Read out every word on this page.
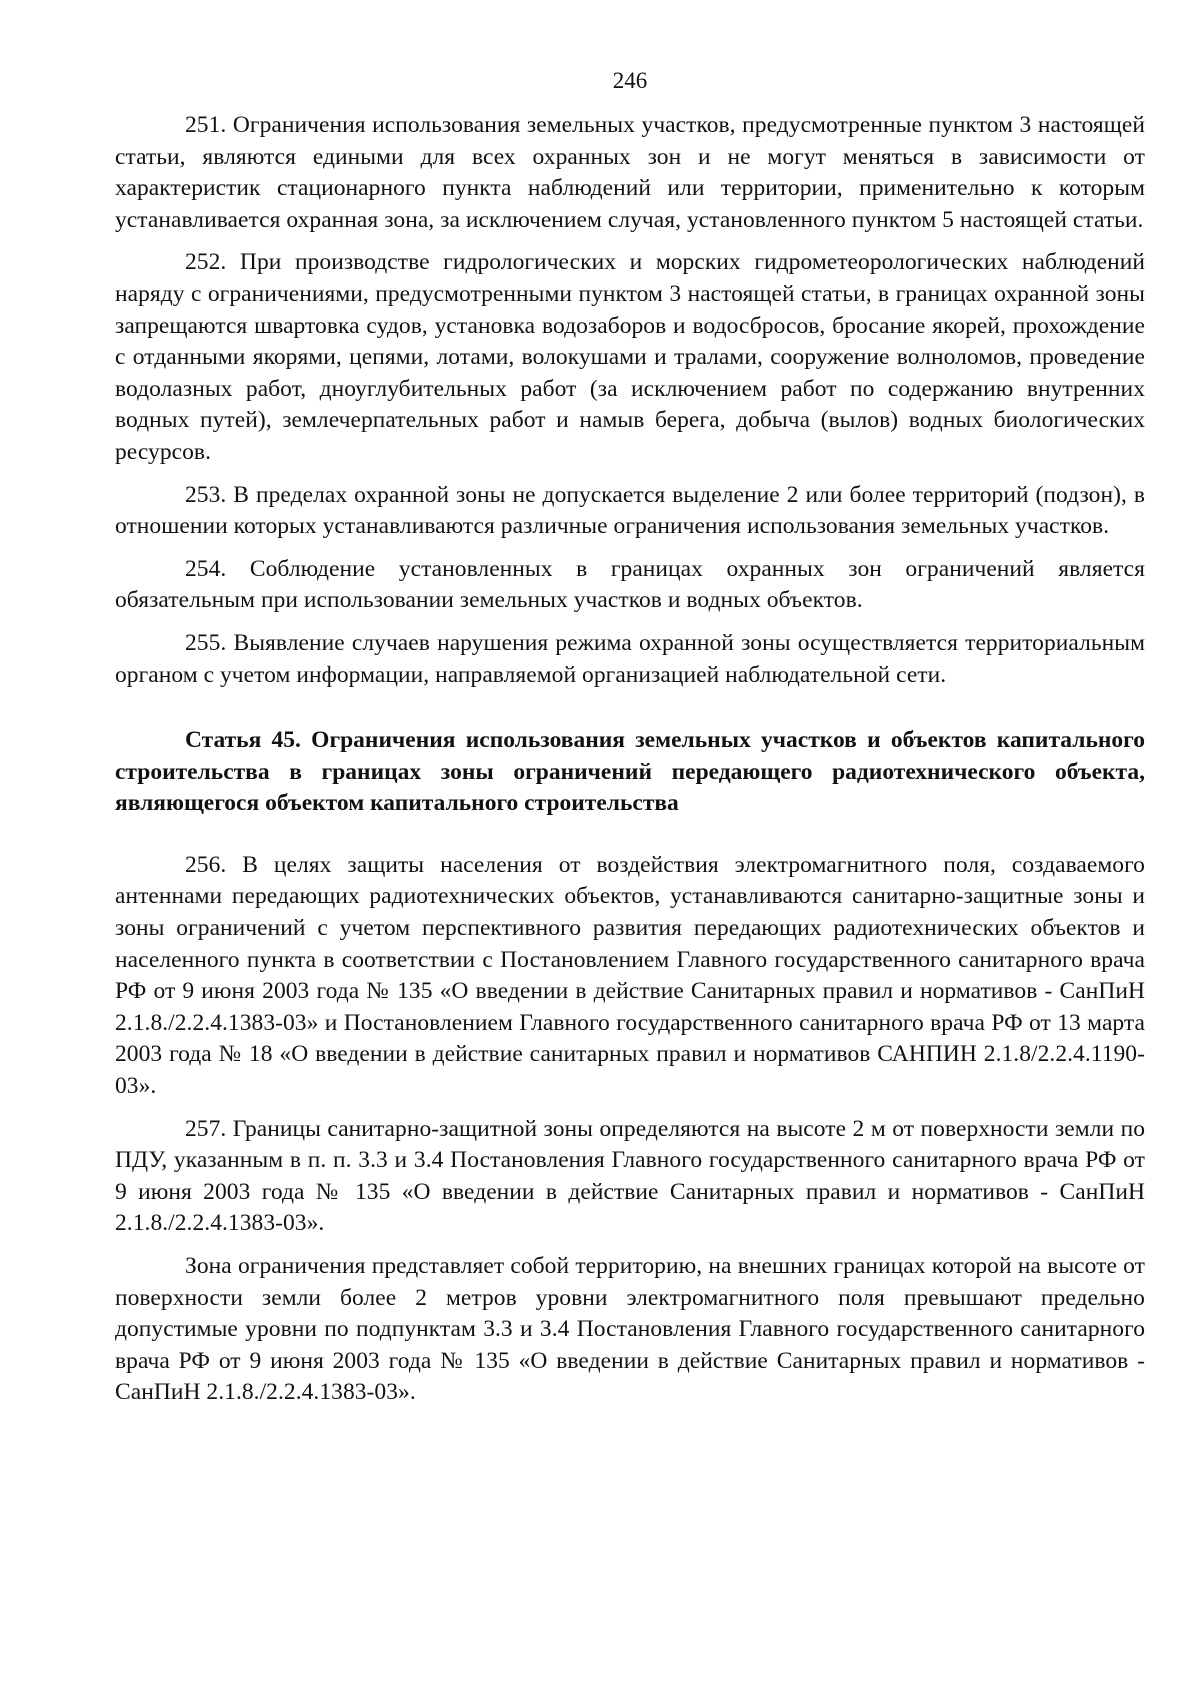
246

251. Ограничения использования земельных участков, предусмотренные пунктом 3 настоящей статьи, являются едиными для всех охранных зон и не могут меняться в зависимости от характеристик стационарного пункта наблюдений или территории, применительно к которым устанавливается охранная зона, за исключением случая, установленного пунктом 5 настоящей статьи.

252. При производстве гидрологических и морских гидрометеорологических наблюдений наряду с ограничениями, предусмотренными пунктом 3 настоящей статьи, в границах охранной зоны запрещаются швартовка судов, установка водозаборов и водосбросов, бросание якорей, прохождение с отданными якорями, цепями, лотами, волокушами и тралами, сооружение волноломов, проведение водолазных работ, дноуглубительных работ (за исключением работ по содержанию внутренних водных путей), землечерпательных работ и намыв берега, добыча (вылов) водных биологических ресурсов.

253. В пределах охранной зоны не допускается выделение 2 или более территорий (подзон), в отношении которых устанавливаются различные ограничения использования земельных участков.

254. Соблюдение установленных в границах охранных зон ограничений является обязательным при использовании земельных участков и водных объектов.

255. Выявление случаев нарушения режима охранной зоны осуществляется территориальным органом с учетом информации, направляемой организацией наблюдательной сети.

Статья 45. Ограничения использования земельных участков и объектов капитального строительства в границах зоны ограничений передающего радиотехнического объекта, являющегося объектом капитального строительства

256. В целях защиты населения от воздействия электромагнитного поля, создаваемого антеннами передающих радиотехнических объектов, устанавливаются санитарно-защитные зоны и зоны ограничений с учетом перспективного развития передающих радиотехнических объектов и населенного пункта в соответствии с Постановлением Главного государственного санитарного врача РФ от 9 июня 2003 года № 135 «О введении в действие Санитарных правил и нормативов - СанПиН 2.1.8./2.2.4.1383-03» и Постановлением Главного государственного санитарного врача РФ от 13 марта 2003 года № 18 «О введении в действие санитарных правил и нормативов САНПИН 2.1.8/2.2.4.1190-03».

257. Границы санитарно-защитной зоны определяются на высоте 2 м от поверхности земли по ПДУ, указанным в п. п. 3.3 и 3.4 Постановления Главного государственного санитарного врача РФ от 9 июня 2003 года № 135 «О введении в действие Санитарных правил и нормативов - СанПиН 2.1.8./2.2.4.1383-03».

Зона ограничения представляет собой территорию, на внешних границах которой на высоте от поверхности земли более 2 метров уровни электромагнитного поля превышают предельно допустимые уровни по подпунктам 3.3 и 3.4 Постановления Главного государственного санитарного врача РФ от 9 июня 2003 года № 135 «О введении в действие Санитарных правил и нормативов - СанПиН 2.1.8./2.2.4.1383-03».
